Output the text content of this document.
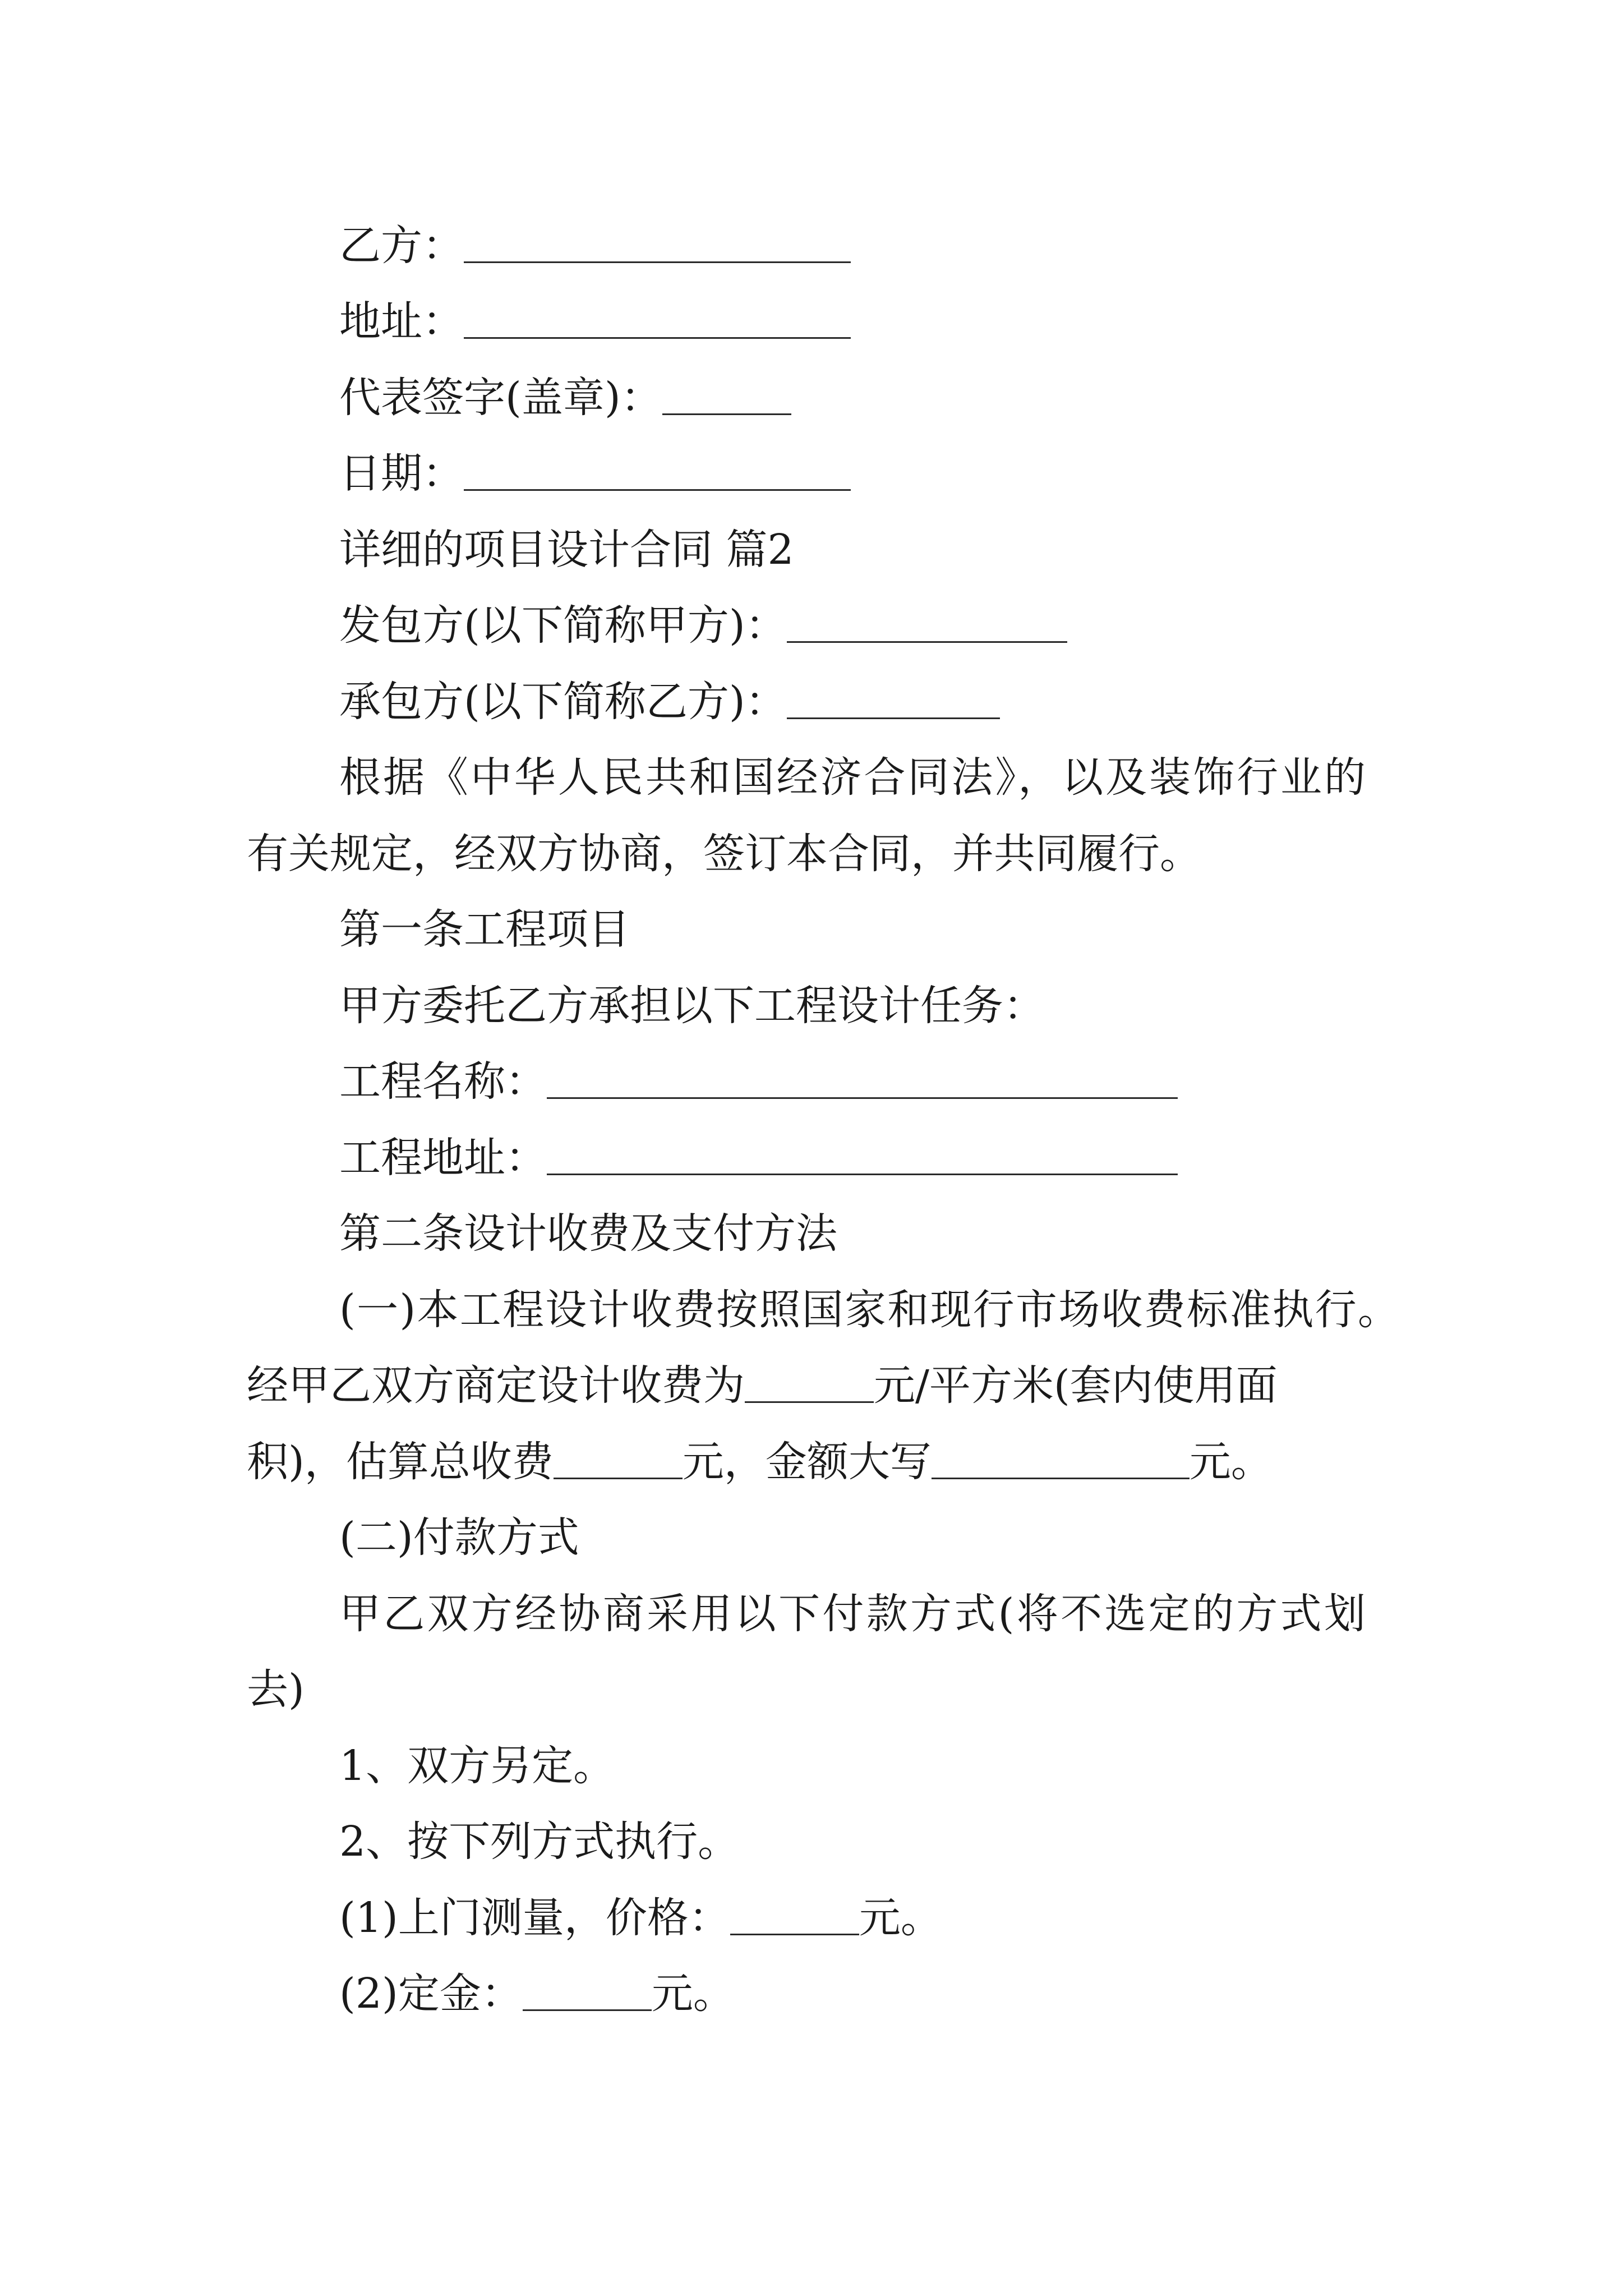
乙方：
地址：
代表签字(盖章)：
日期：
详细的项目设计合同 篇2
发包方(以下简称甲方)：
承包方(以下简称乙方)：
根据《中华人民共和国经济合同法》，以及装饰行业的
有关规定，经双方协商，签订本合同，并共同履行。
第一条工程项目
甲方委托乙方承担以下工程设计任务：
工程名称：
工程地址：
第二条设计收费及支付方法
(一)本工程设计收费按照国家和现行市场收费标准执行。
经甲乙双方商定设计收费为	元/平方米(套内使用面
积)，估算总收费	元，金额大写	元。
(二)付款方式
甲乙双方经协商采用以下付款方式(将不选定的方式划
去)
1、双方另定。
2、按下列方式执行。
(1)上门测量，价格：	元。
(2)定金：	元。
